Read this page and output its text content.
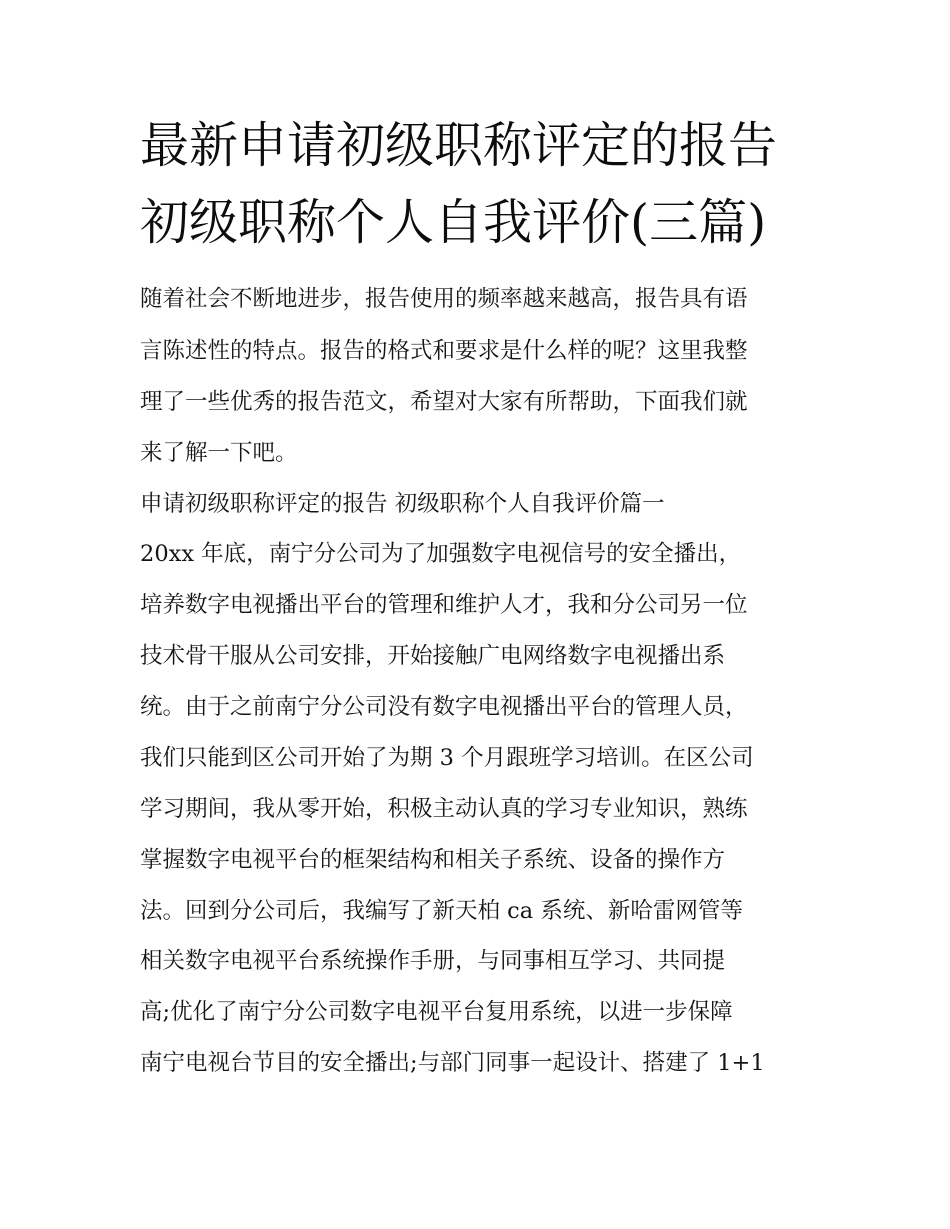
最新申请初级职称评定的报告
初级职称个人自我评价(三篇)

随着社会不断地进步，报告使用的频率越来越高，报告具有语

言陈述性的特点。报告的格式和要求是什么样的呢？这里我整

理了一些优秀的报告范文，希望对大家有所帮助，下面我们就

来了解一下吧。

申请初级职称评定的报告 初级职称个人自我评价篇一

20xx 年底，南宁分公司为了加强数字电视信号的安全播出，

培养数字电视播出平台的管理和维护人才，我和分公司另一位

技术骨干服从公司安排，开始接触广电网络数字电视播出系

统。由于之前南宁分公司没有数字电视播出平台的管理人员，

我们只能到区公司开始了为期 3 个月跟班学习培训。在区公司

学习期间，我从零开始，积极主动认真的学习专业知识，熟练

掌握数字电视平台的框架结构和相关子系统、设备的操作方

法。回到分公司后，我编写了新天柏 ca 系统、新哈雷网管等

相关数字电视平台系统操作手册，与同事相互学习、共同提

高;优化了南宁分公司数字电视平台复用系统，以进一步保障

南宁电视台节目的安全播出;与部门同事一起设计、搭建了 1+1
